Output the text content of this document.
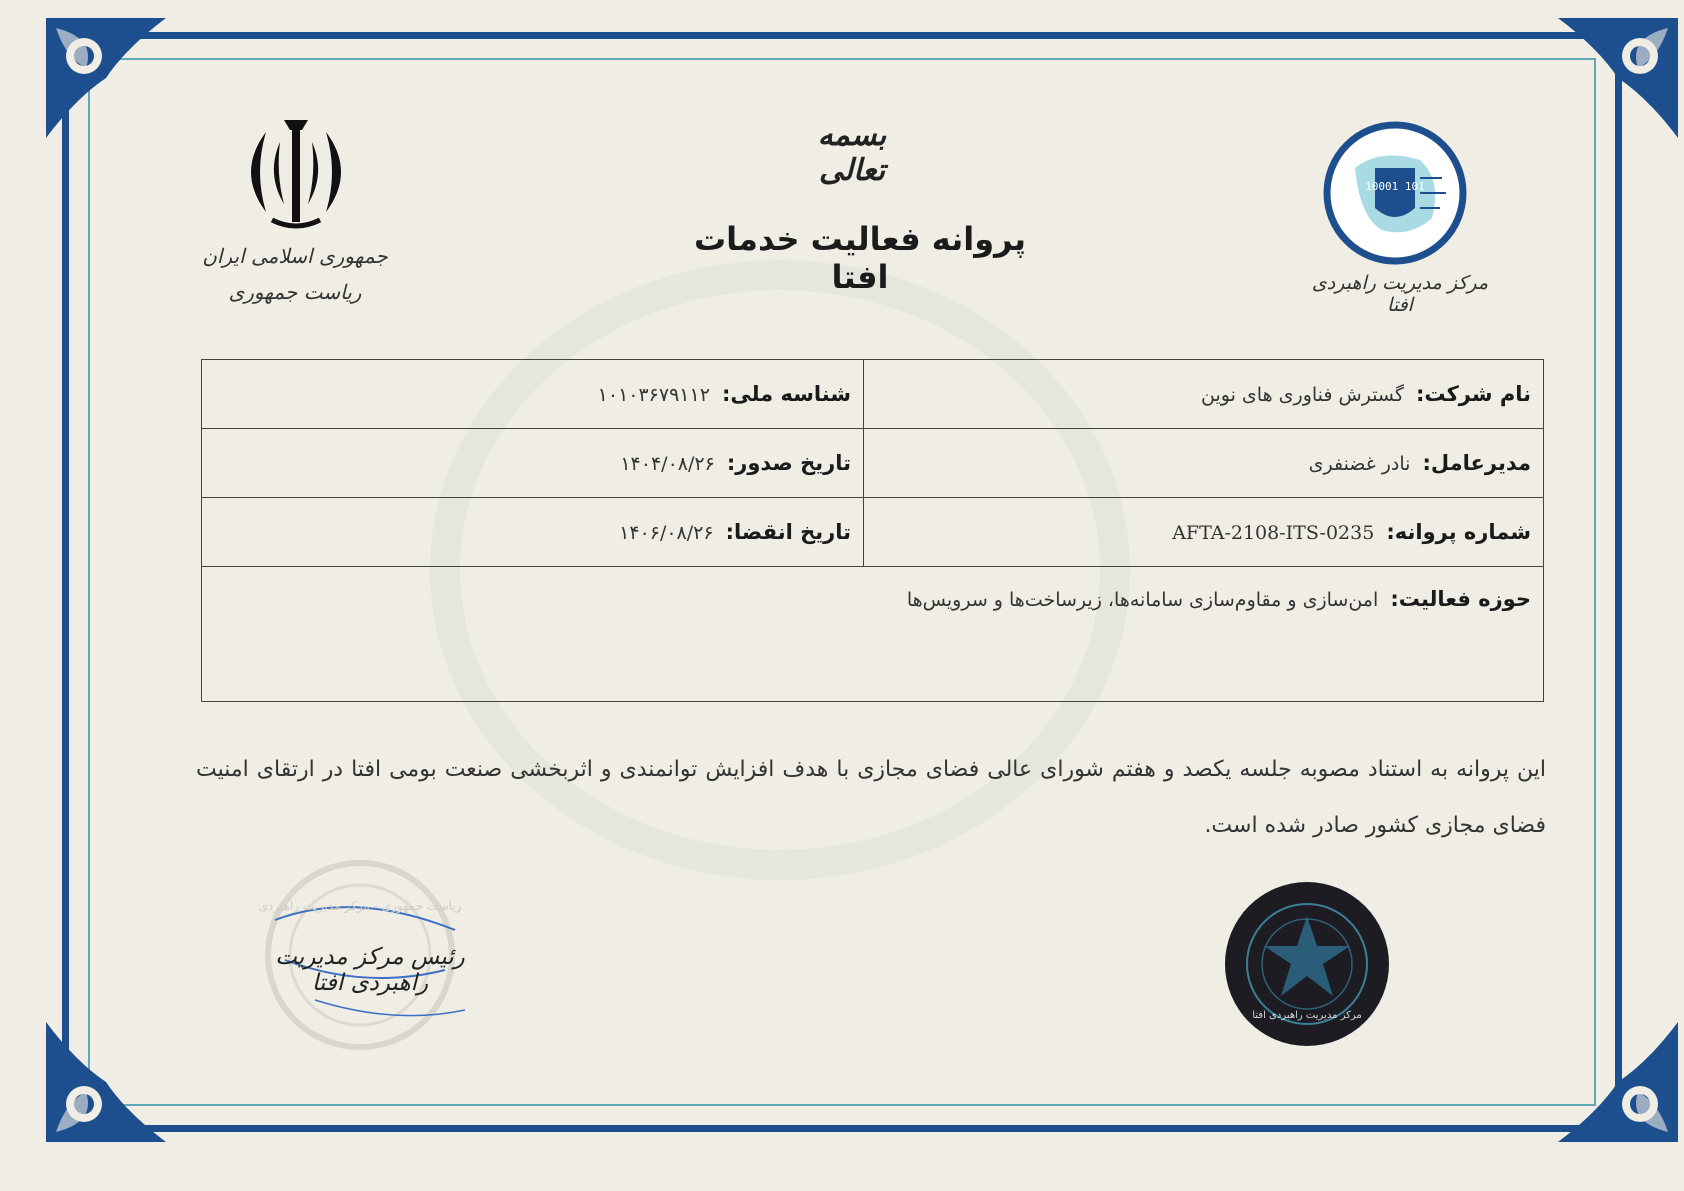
بسمه تعالی
پروانه فعالیت خدمات افتا
جمهوری اسلامی ایران
ریاست جمهوری
10001 101
مرکز مدیریت راهبردی افتا
نام شرکت: گسترش فناوری های نوین	شناسه ملی: ۱۰۱۰۳۶۷۹۱۱۲
مدیرعامل: نادر غضنفری	تاریخ صدور: ۱۴۰۴/۰۸/۲۶
شماره پروانه: AFTA-2108-ITS-0235	تاریخ انقضا: ۱۴۰۶/۰۸/۲۶
حوزه فعالیت: امن‌سازی و مقاوم‌سازی سامانه‌ها، زیرساخت‌ها و سرویس‌ها	
این پروانه به استناد مصوبه جلسه یکصد و هفتم شورای عالی فضای مجازی با هدف افزایش توانمندی و اثربخشی صنعت بومی افتا در ارتقای امنیت فضای مجازی کشور صادر شده است.
ریاست جمهوری - مرکز مدیریت راهبردی
رئیس مرکز مدیریت راهبردی افتا
مرکز مدیریت راهبردی افتا
